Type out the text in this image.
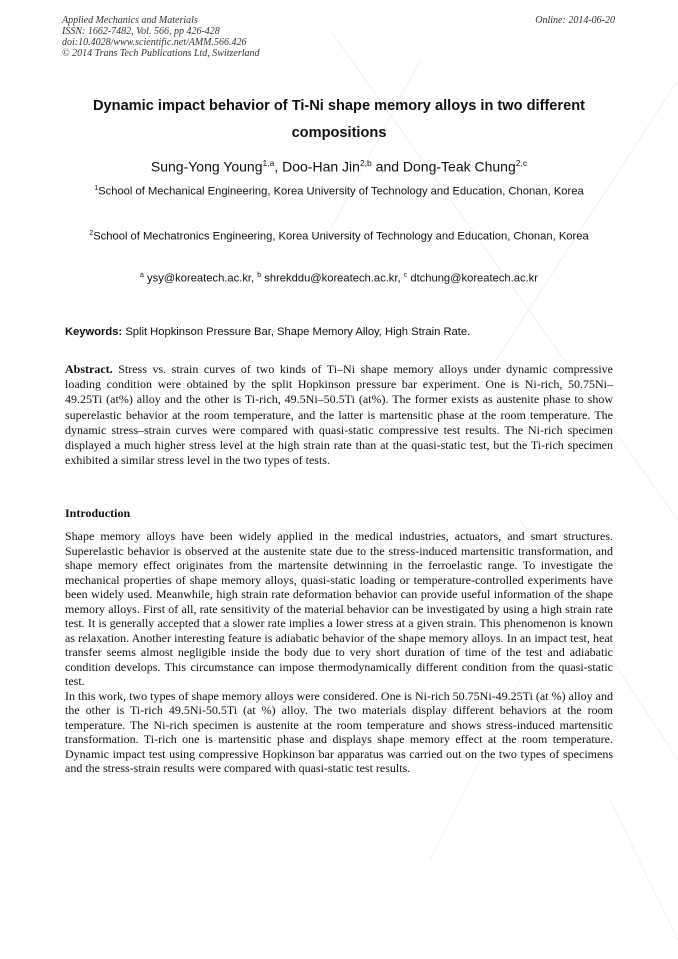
Applied Mechanics and Materials
ISSN: 1662-7482, Vol. 566, pp 426-428
doi:10.4028/www.scientific.net/AMM.566.426
© 2014 Trans Tech Publications Ltd, Switzerland
Online: 2014-06-20
Dynamic impact behavior of Ti-Ni shape memory alloys in two different compositions
Sung-Yong Young$^{1,a}$, Doo-Han Jin$^{2,b}$ and Dong-Teak Chung$^{2,c}$
$^1$School of Mechanical Engineering, Korea University of Technology and Education, Chonan, Korea
$^2$School of Mechatronics Engineering, Korea University of Technology and Education, Chonan, Korea
$^a$ ysy@koreatech.ac.kr, $^b$ shrekddu@koreatech.ac.kr, $^c$ dtchung@koreatech.ac.kr
Keywords: Split Hopkinson Pressure Bar, Shape Memory Alloy, High Strain Rate.
Abstract. Stress vs. strain curves of two kinds of Ti–Ni shape memory alloys under dynamic compressive loading condition were obtained by the split Hopkinson pressure bar experiment. One is Ni-rich, 50.75Ni–49.25Ti (at%) alloy and the other is Ti-rich, 49.5Ni–50.5Ti (at%). The former exists as austenite phase to show superelastic behavior at the room temperature, and the latter is martensitic phase at the room temperature. The dynamic stress–strain curves were compared with quasi-static compressive test results. The Ni-rich specimen displayed a much higher stress level at the high strain rate than at the quasi-static test, but the Ti-rich specimen exhibited a similar stress level in the two types of tests.
Introduction

Shape memory alloys have been widely applied in the medical industries, actuators, and smart structures. Superelastic behavior is observed at the austenite state due to the stress-induced martensitic transformation, and shape memory effect originates from the martensite detwinning in the ferroelastic range. To investigate the mechanical properties of shape memory alloys, quasi-static loading or temperature-controlled experiments have been widely used. Meanwhile, high strain rate deformation behavior can provide useful information of the shape memory alloys. First of all, rate sensitivity of the material behavior can be investigated by using a high strain rate test. It is generally accepted that a slower rate implies a lower stress at a given strain. This phenomenon is known as relaxation. Another interesting feature is adiabatic behavior of the shape memory alloys. In an impact test, heat transfer seems almost negligible inside the body due to very short duration of time of the test and adiabatic condition develops. This circumstance can impose thermodynamically different condition from the quasi-static test.

In this work, two types of shape memory alloys were considered. One is Ni-rich 50.75Ni-49.25Ti (at %) alloy and the other is Ti-rich 49.5Ni-50.5Ti (at %) alloy. The two materials display different behaviors at the room temperature. The Ni-rich specimen is austenite at the room temperature and shows stress-induced martensitic transformation. Ti-rich one is martensitic phase and displays shape memory effect at the room temperature. Dynamic impact test using compressive Hopkinson bar apparatus was carried out on the two types of specimens and the stress-strain results were compared with quasi-static test results.
